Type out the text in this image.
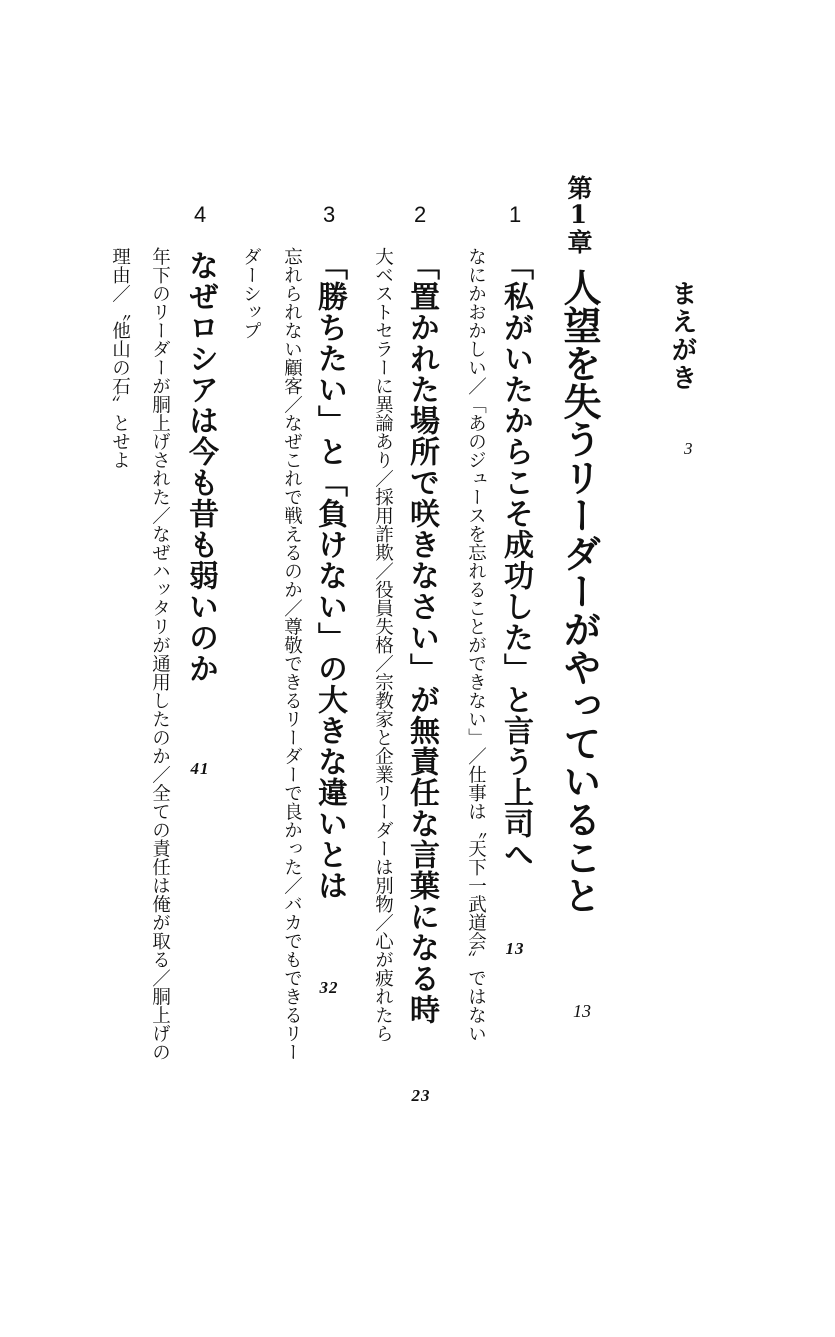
まえがき
3
第1章
人望を失うリーダーがやっていること
13
1
「私がいたからこそ成功した」と言う上司へ 13
なにかおかしい／「あのジュースを忘れることができない」／仕事は〝天下一武道会〟ではない
2
「置かれた場所で咲きなさい」が無責任な言葉になる時 23
大ベストセラーに異論あり／採用詐欺／役員失格／宗教家と企業リーダーは別物／心が疲れたら
3
「勝ちたい」と「負けない」の大きな違いとは 32
忘れられない顧客／なぜこれで戦えるのか／尊敬できるリーダーで良かった／バカでもできるリー
ダーシップ
4
なぜロシアは今も昔も弱いのか 41
年下のリーダーが胴上げされた／なぜハッタリが通用したのか／全ての責任は俺が取る／胴上げの
理由／〝他山の石〟とせよ
